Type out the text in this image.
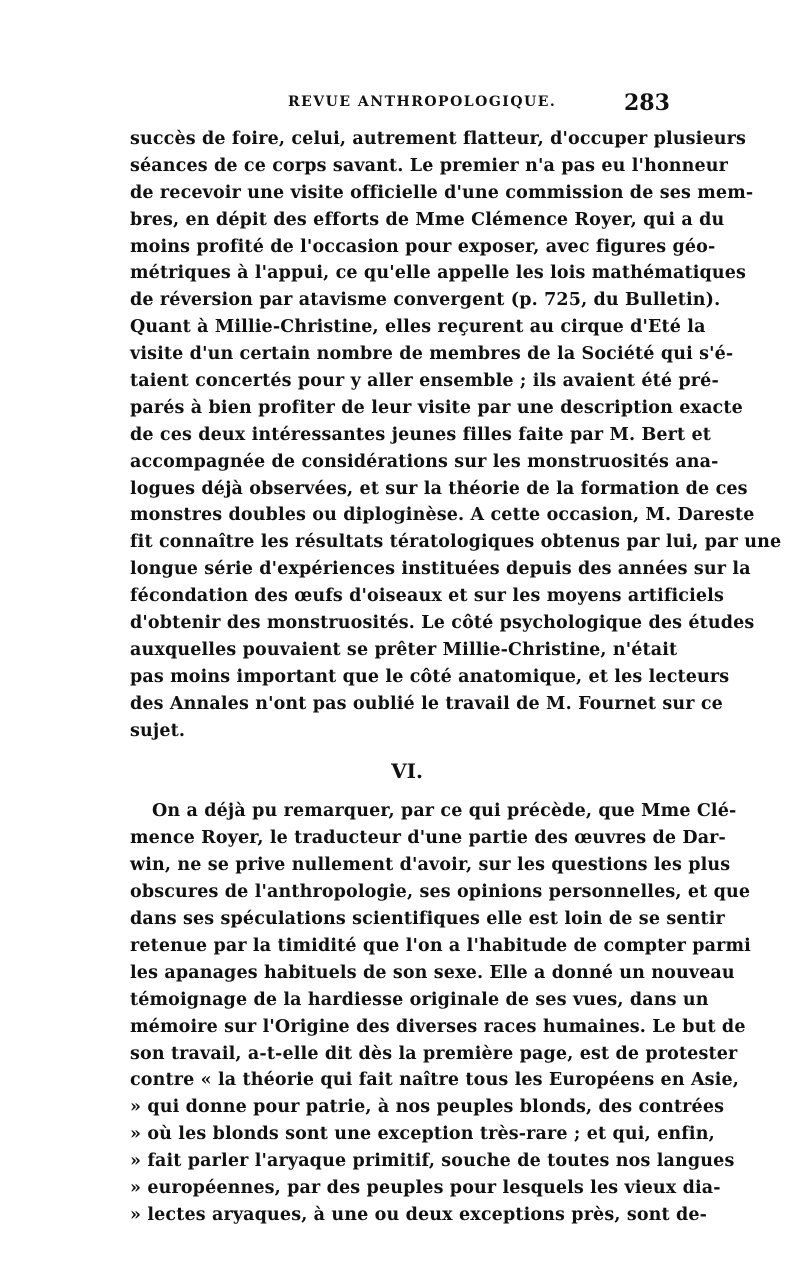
REVUE ANTHROPOLOGIQUE.	283
succès de foire, celui, autrement flatteur, d'occuper plusieurs
séances de ce corps savant. Le premier n'a pas eu l'honneur
de recevoir une visite officielle d'une commission de ses mem-
bres, en dépit des efforts de Mme Clémence Royer, qui a du
moins profité de l'occasion pour exposer, avec figures géo-
métriques à l'appui, ce qu'elle appelle les lois mathématiques
de réversion par atavisme convergent (p. 725, du Bulletin).
Quant à Millie-Christine, elles reçurent au cirque d'Eté la
visite d'un certain nombre de membres de la Société qui s'é-
taient concertés pour y aller ensemble ; ils avaient été pré-
parés à bien profiter de leur visite par une description exacte
de ces deux intéressantes jeunes filles faite par M. Bert et
accompagnée de considérations sur les monstruosités ana-
logues déjà observées, et sur la théorie de la formation de ces
monstres doubles ou diploginèse. A cette occasion, M. Dareste
fit connaître les résultats tératologiques obtenus par lui, par une
longue série d'expériences instituées depuis des années sur la
fécondation des œufs d'oiseaux et sur les moyens artificiels
d'obtenir des monstruosités. Le côté psychologique des études
auxquelles pouvaient se prêter Millie-Christine, n'était
pas moins important que le côté anatomique, et les lecteurs
des Annales n'ont pas oublié le travail de M. Fournet sur ce
sujet.
VI.
On a déjà pu remarquer, par ce qui précède, que Mme Clé-
mence Royer, le traducteur d'une partie des œuvres de Dar-
win, ne se prive nullement d'avoir, sur les questions les plus
obscures de l'anthropologie, ses opinions personnelles, et que
dans ses spéculations scientifiques elle est loin de se sentir
retenue par la timidité que l'on a l'habitude de compter parmi
les apanages habituels de son sexe. Elle a donné un nouveau
témoignage de la hardiesse originale de ses vues, dans un
mémoire sur l'Origine des diverses races humaines. Le but de
son travail, a-t-elle dit dès la première page, est de protester
contre « la théorie qui fait naître tous les Européens en Asie,
» qui donne pour patrie, à nos peuples blonds, des contrées
» où les blonds sont une exception très-rare ; et qui, enfin,
» fait parler l'aryaque primitif, souche de toutes nos langues
» européennes, par des peuples pour lesquels les vieux dia-
» lectes aryaques, à une ou deux exceptions près, sont de-
